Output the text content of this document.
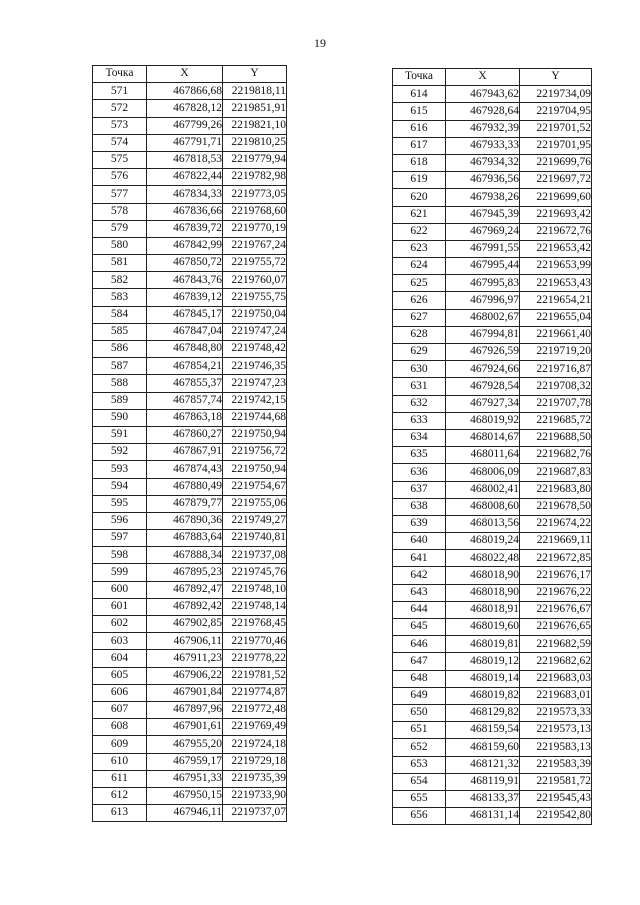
19
Точка	X	Y
571	467866,68	2219818,11
572	467828,12	2219851,91
573	467799,26	2219821,10
574	467791,71	2219810,25
575	467818,53	2219779,94
576	467822,44	2219782,98
577	467834,33	2219773,05
578	467836,66	2219768,60
579	467839,72	2219770,19
580	467842,99	2219767,24
581	467850,72	2219755,72
582	467843,76	2219760,07
583	467839,12	2219755,75
584	467845,17	2219750,04
585	467847,04	2219747,24
586	467848,80	2219748,42
587	467854,21	2219746,35
588	467855,37	2219747,23
589	467857,74	2219742,15
590	467863,18	2219744,68
591	467860,27	2219750,94
592	467867,91	2219756,72
593	467874,43	2219750,94
594	467880,49	2219754,67
595	467879,77	2219755,06
596	467890,36	2219749,27
597	467883,64	2219740,81
598	467888,34	2219737,08
599	467895,23	2219745,76
600	467892,47	2219748,10
601	467892,42	2219748,14
602	467902,85	2219768,45
603	467906,11	2219770,46
604	467911,23	2219778,22
605	467906,22	2219781,52
606	467901,84	2219774,87
607	467897,96	2219772,48
608	467901,61	2219769,49
609	467955,20	2219724,18
610	467959,17	2219729,18
611	467951,33	2219735,39
612	467950,15	2219733,90
613	467946,11	2219737,07
Точка	X	Y
614	467943,62	2219734,09
615	467928,64	2219704,95
616	467932,39	2219701,52
617	467933,33	2219701,95
618	467934,32	2219699,76
619	467936,56	2219697,72
620	467938,26	2219699,60
621	467945,39	2219693,42
622	467969,24	2219672,76
623	467991,55	2219653,42
624	467995,44	2219653,99
625	467995,83	2219653,43
626	467996,97	2219654,21
627	468002,67	2219655,04
628	467994,81	2219661,40
629	467926,59	2219719,20
630	467924,66	2219716,87
631	467928,54	2219708,32
632	467927,34	2219707,78
633	468019,92	2219685,72
634	468014,67	2219688,50
635	468011,64	2219682,76
636	468006,09	2219687,83
637	468002,41	2219683,80
638	468008,60	2219678,50
639	468013,56	2219674,22
640	468019,24	2219669,11
641	468022,48	2219672,85
642	468018,90	2219676,17
643	468018,90	2219676,22
644	468018,91	2219676,67
645	468019,60	2219676,65
646	468019,81	2219682,59
647	468019,12	2219682,62
648	468019,14	2219683,03
649	468019,82	2219683,01
650	468129,82	2219573,33
651	468159,54	2219573,13
652	468159,60	2219583,13
653	468121,32	2219583,39
654	468119,91	2219581,72
655	468133,37	2219545,43
656	468131,14	2219542,80
